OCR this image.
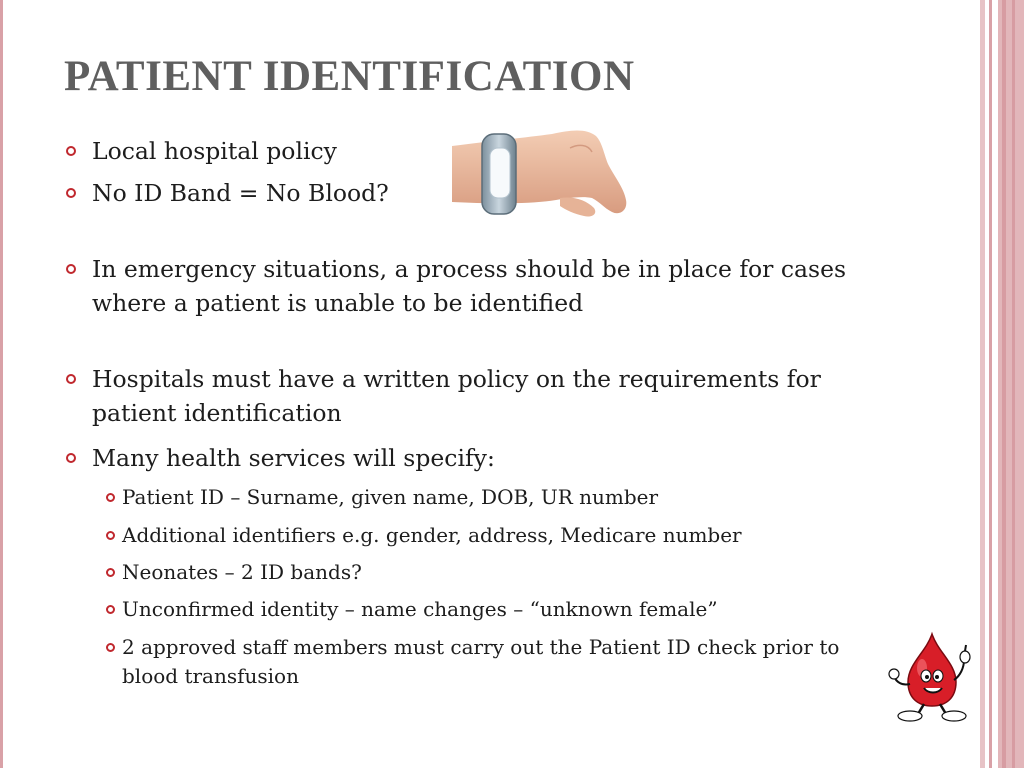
PATIENT IDENTIFICATION
Local hospital policy
No ID Band = No Blood?
In emergency situations, a process should be in place for cases where a patient is unable to be identified
Hospitals must have a written policy on the requirements for patient identification
Many health services will specify:
Patient ID – Surname, given name, DOB, UR number
Additional identifiers e.g. gender, address, Medicare number
Neonates – 2 ID bands?
Unconfirmed identity – name changes – “unknown female”
2 approved staff members must carry out the Patient ID check prior to blood transfusion
